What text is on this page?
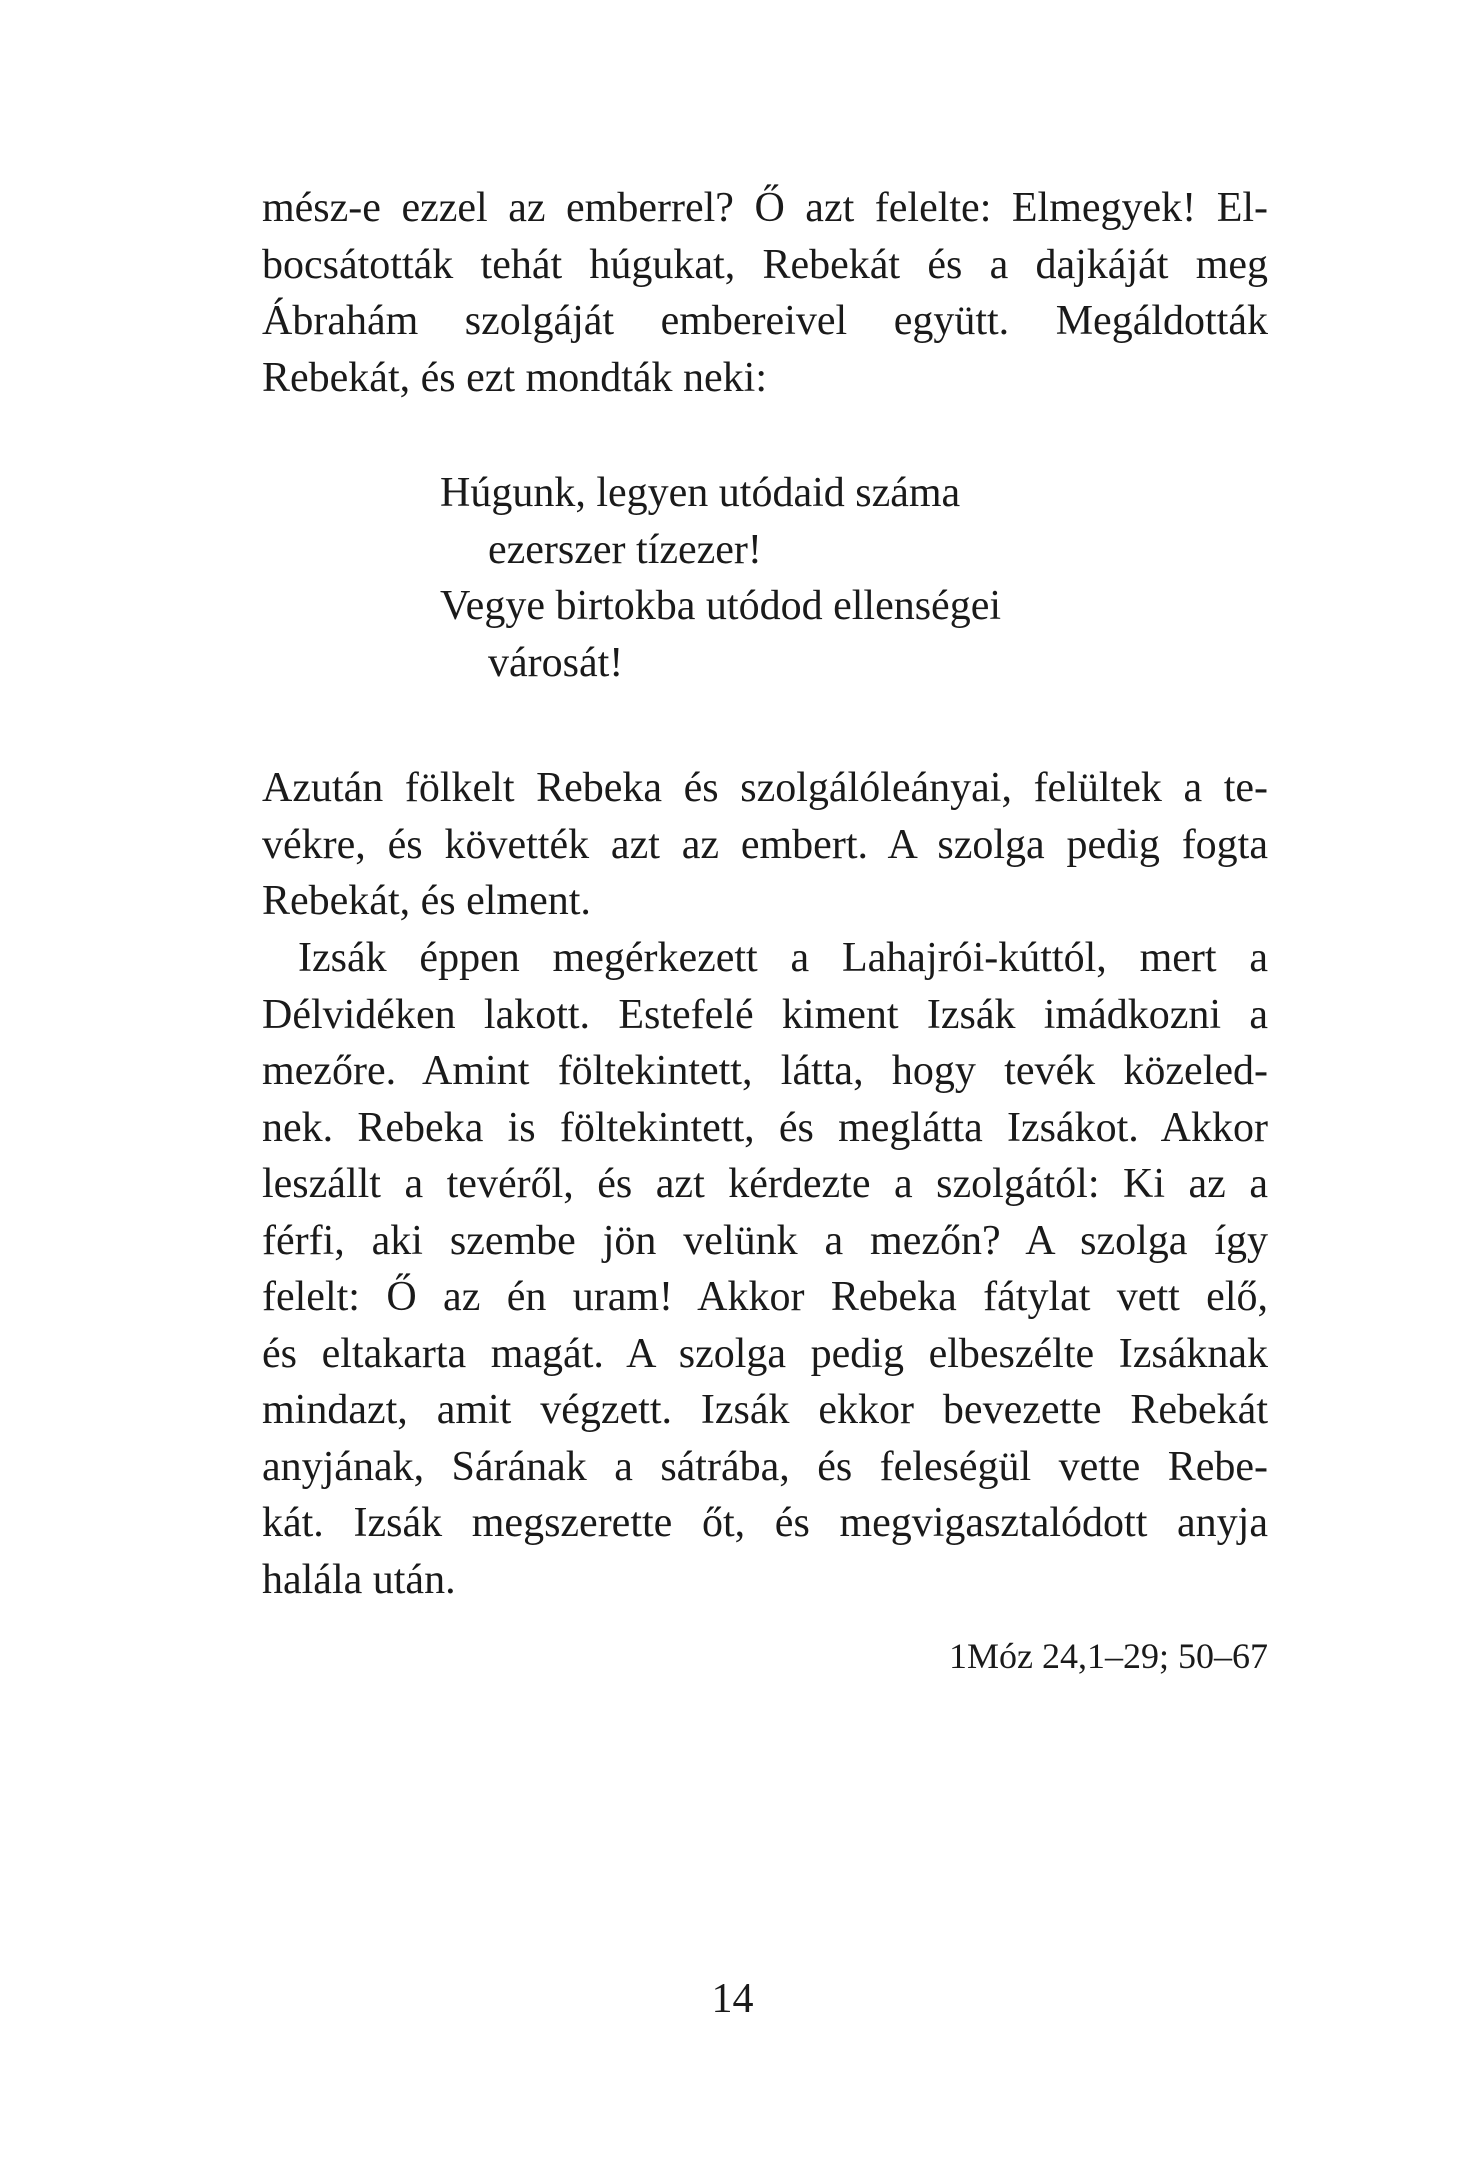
mész-e ezzel az emberrel? Ő azt felelte: Elmegyek! El-
bocsátották tehát húgukat, Rebekát és a dajkáját meg
Ábrahám szolgáját embereivel együtt. Megáldották
Rebekát, és ezt mondták neki:
Húgunk, legyen utódaid száma
ezerszer tízezer!
Vegye birtokba utódod ellenségei
városát!
Azután fölkelt Rebeka és szolgálóleányai, felültek a te-
vékre, és követték azt az embert. A szolga pedig fogta
Rebekát, és elment.
Izsák éppen megérkezett a Lahajrói-kúttól, mert a
Délvidéken lakott. Estefelé kiment Izsák imádkozni a
mezőre. Amint föltekintett, látta, hogy tevék közeled-
nek. Rebeka is föltekintett, és meglátta Izsákot. Akkor
leszállt a tevéről, és azt kérdezte a szolgától: Ki az a
férfi, aki szembe jön velünk a mezőn? A szolga így
felelt: Ő az én uram! Akkor Rebeka fátylat vett elő,
és eltakarta magát. A szolga pedig elbeszélte Izsáknak
mindazt, amit végzett. Izsák ekkor bevezette Rebekát
anyjának, Sárának a sátrába, és feleségül vette Rebe-
kát. Izsák megszerette őt, és megvigasztalódott anyja
halála után.
1Móz 24,1–29; 50–67
14
